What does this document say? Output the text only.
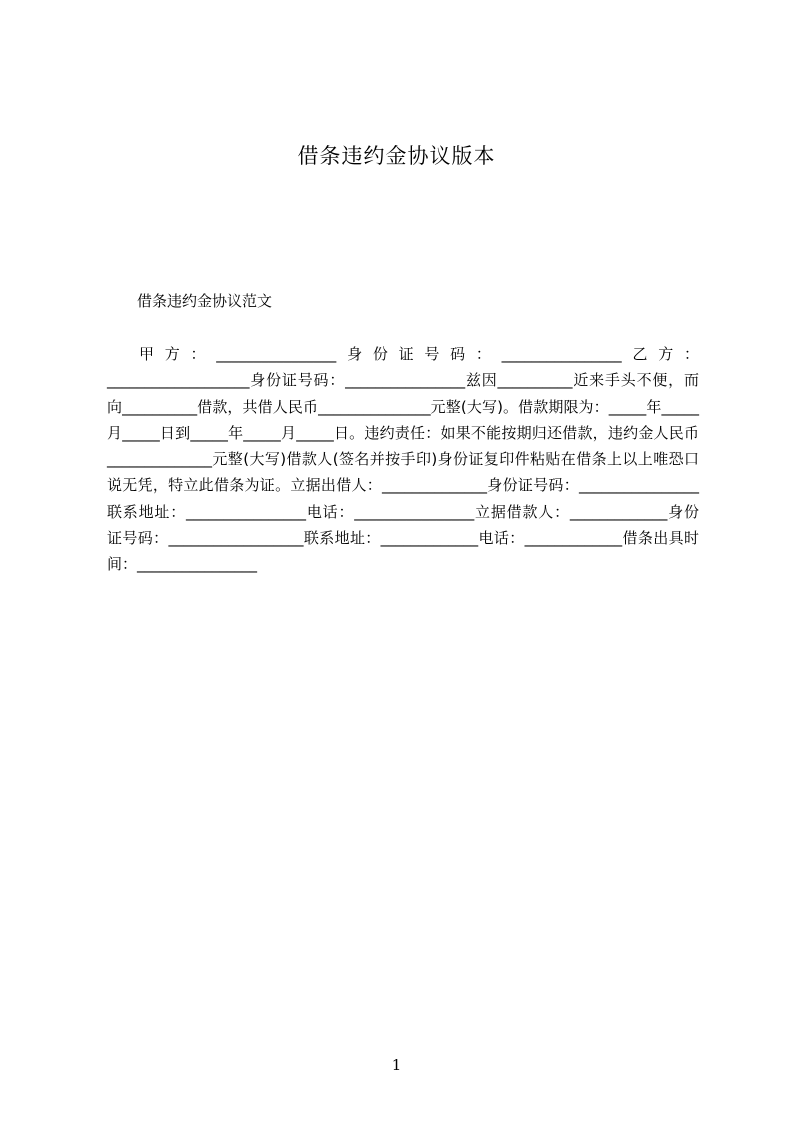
借条违约金协议版本

借条违约金协议范文

甲方：________________身份证号码：________________乙方：___________________身份证号码：________________兹因__________近来手头不便，而向__________借款，共借人民币_______________元整(大写)。借款期限为：_____年_____月_____日到_____年_____月_____日。违约责任：如果不能按期归还借款，违约金人民币______________元整(大写)借款人(签名并按手印)身份证复印件粘贴在借条上以上唯恐口说无凭，特立此借条为证。立据出借人：______________身份证号码：________________联系地址：________________电话：________________立据借款人：_____________身份证号码：__________________联系地址：_____________电话：_____________借条出具时间：________________

1
